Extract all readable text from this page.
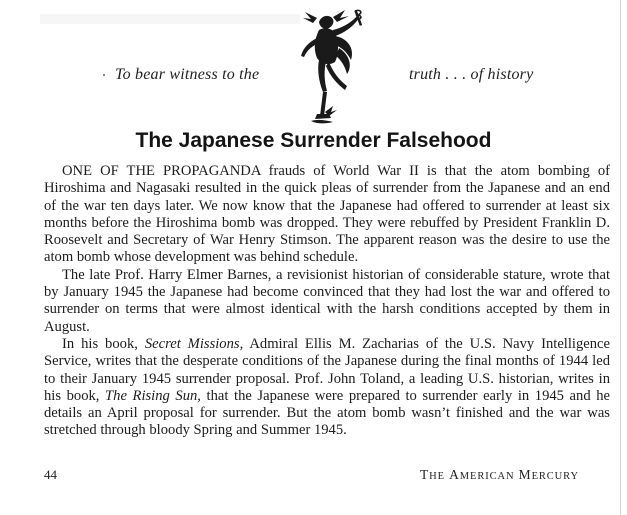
To bear witness to the	truth . . . of history
The Japanese Surrender Falsehood

ONE OF THE PROPAGANDA frauds of World War II is that the atom bombing of Hiroshima and Nagasaki resulted in the quick pleas of surrender from the Japanese and an end of the war ten days later. We now know that the Japanese had offered to surrender at least six months before the Hiroshima bomb was dropped. They were rebuffed by President Franklin D. Roosevelt and Secretary of War Henry Stimson. The apparent reason was the desire to use the atom bomb whose development was behind schedule.

The late Prof. Harry Elmer Barnes, a revisionist historian of considerable stature, wrote that by January 1945 the Japanese had become convinced that they had lost the war and offered to surrender on terms that were almost identical with the harsh conditions accepted by them in August.

In his book, Secret Missions, Admiral Ellis M. Zacharias of the U.S. Navy Intelligence Service, writes that the desperate conditions of the Japanese during the final months of 1944 led to their January 1945 surrender proposal. Prof. John Toland, a leading U.S. historian, writes in his book, The Rising Sun, that the Japanese were prepared to surrender early in 1945 and he details an April proposal for surrender. But the atom bomb wasn’t finished and the war was stretched through bloody Spring and Summer 1945.

44	THE AMERICAN MERCURY
